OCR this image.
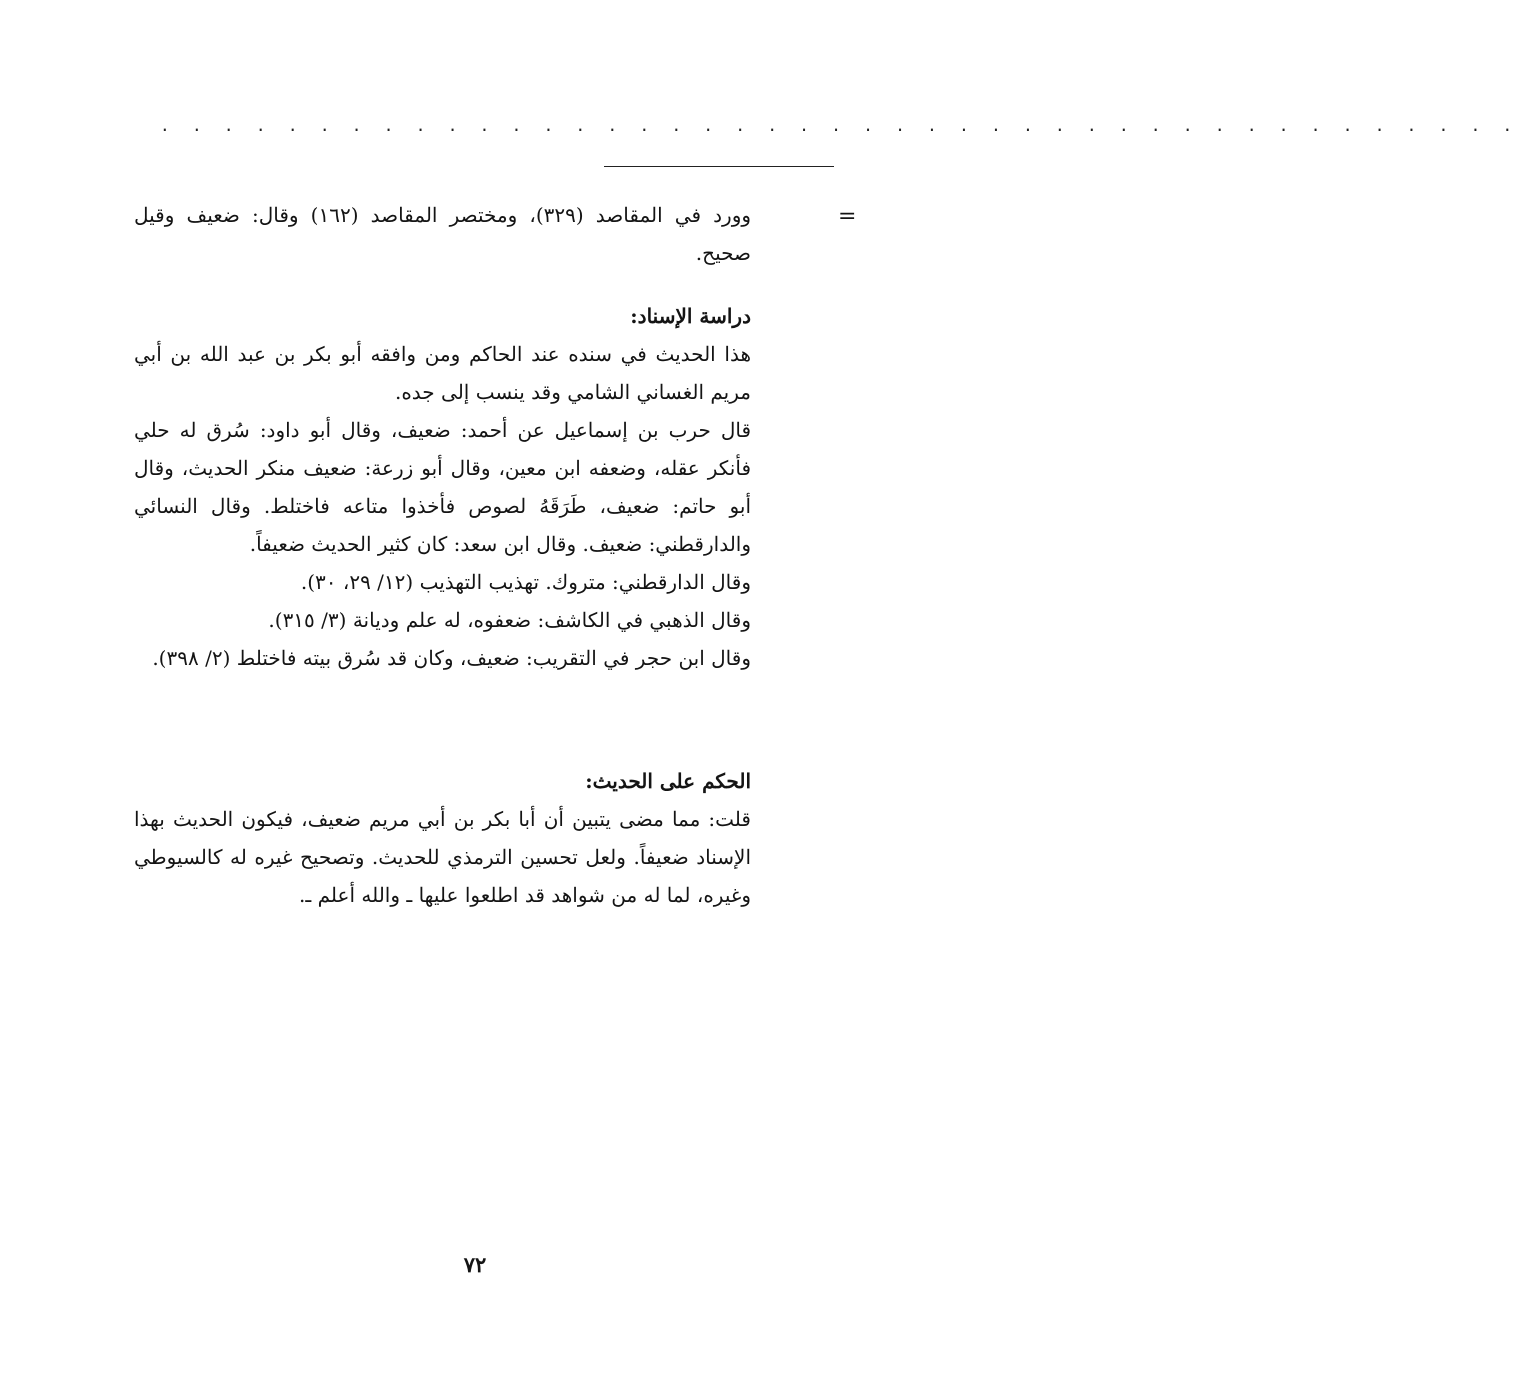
. . . . . . . . . . . . . . . . . . . . . . . . . . . . . . . . . . . . . . . . . . .
=

وورد في المقاصد (٣٢٩)، ومختصر المقاصد (١٦٢) وقال: ضعيف وقيل صحيح.

دراسة الإسناد:

هذا الحديث في سنده عند الحاكم ومن وافقه أبو بكر بن عبد الله بن أبي مريم الغساني الشامي وقد ينسب إلى جده.

قال حرب بن إسماعيل عن أحمد: ضعيف، وقال أبو داود: سُرق له حلي فأنكر عقله، وضعفه ابن معين، وقال أبو زرعة: ضعيف منكر الحديث، وقال أبو حاتم: ضعيف، طَرَقَهُ لصوص فأخذوا متاعه فاختلط. وقال النسائي والدارقطني: ضعيف. وقال ابن سعد: كان كثير الحديث ضعيفاً.

وقال الدارقطني: متروك. تهذيب التهذيب (١٢/ ٢٩، ٣٠).

وقال الذهبي في الكاشف: ضعفوه، له علم وديانة (٣/ ٣١٥).

وقال ابن حجر في التقريب: ضعيف، وكان قد سُرق بيته فاختلط (٢/ ٣٩٨).

الحكم على الحديث:

قلت: مما مضى يتبين أن أبا بكر بن أبي مريم ضعيف، فيكون الحديث بهذا الإسناد ضعيفاً. ولعل تحسين الترمذي للحديث. وتصحيح غيره له كالسيوطي وغيره، لما له من شواهد قد اطلعوا عليها ـ والله أعلم ـ.

٧٢
